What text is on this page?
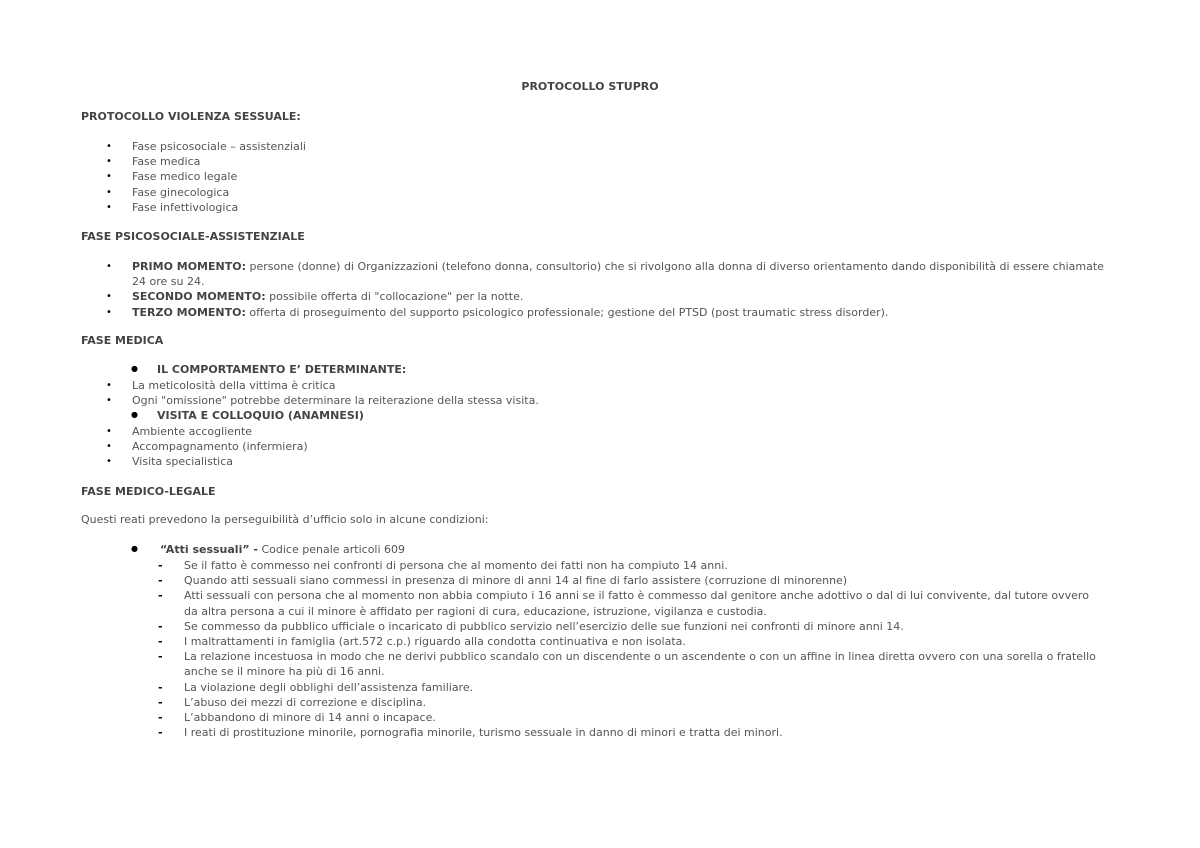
PROTOCOLLO STUPRO
PROTOCOLLO VIOLENZA SESSUALE:
• Fase psicosociale – assistenziali
• Fase medica
• Fase medico legale
• Fase ginecologica
• Fase infettivologica
FASE PSICOSOCIALE-ASSISTENZIALE
• PRIMO MOMENTO: persone (donne) di Organizzazioni (telefono donna, consultorio) che si rivolgono alla donna di diverso orientamento dando disponibilità di essere chiamate 24 ore su 24.
• SECONDO MOMENTO: possibile offerta di "collocazione" per la notte.
• TERZO MOMENTO: offerta di proseguimento del supporto psicologico professionale; gestione del PTSD (post traumatic stress disorder).
FASE MEDICA
● IL COMPORTAMENTO E’ DETERMINANTE:
• La meticolosità della vittima è critica
• Ogni "omissione" potrebbe determinare la reiterazione della stessa visita.
● VISITA E COLLOQUIO (ANAMNESI)
• Ambiente accogliente
• Accompagnamento (infermiera)
• Visita specialistica
FASE MEDICO-LEGALE
Questi reati prevedono la perseguibilità d’ufficio solo in alcune condizioni:
“Atti sessuali” - Codice penale articoli 609
- Se il fatto è commesso nei confronti di persona che al momento dei fatti non ha compiuto 14 anni.
- Quando atti sessuali siano commessi in presenza di minore di anni 14 al fine di farlo assistere (corruzione di minorenne)
- Atti sessuali con persona che al momento non abbia compiuto i 16 anni se il fatto è commesso dal genitore anche adottivo o dal di lui convivente, dal tutore ovvero da altra persona a cui il minore è affidato per ragioni di cura, educazione, istruzione, vigilanza e custodia.
- Se commesso da pubblico ufficiale o incaricato di pubblico servizio nell’esercizio delle sue funzioni nei confronti di minore anni 14.
- I maltrattamenti in famiglia (art.572 c.p.) riguardo alla condotta continuativa e non isolata.
- La relazione incestuosa in modo che ne derivi pubblico scandalo con un discendente o un ascendente o con un affine in linea diretta ovvero con una sorella o fratello anche se il minore ha più di 16 anni.
- La violazione degli obblighi dell’assistenza familiare.
- L’abuso dei mezzi di correzione e disciplina.
- L’abbandono di minore di 14 anni o incapace.
- I reati di prostituzione minorile, pornografia minorile, turismo sessuale in danno di minori e tratta dei minori.
